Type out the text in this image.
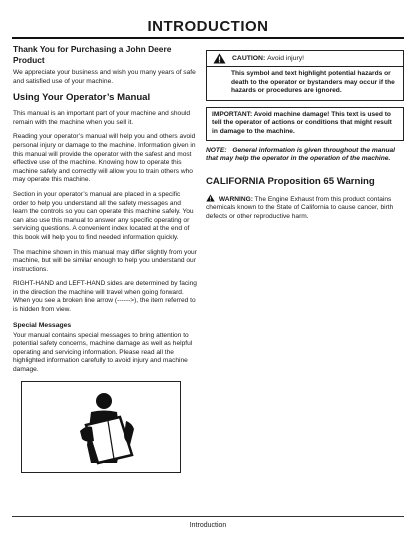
INTRODUCTION
Thank You for Purchasing a John Deere Product
We appreciate your business and wish you many years of safe and satisfied use of your machine.
Using Your Operator’s Manual
This manual is an important part of your machine and should remain with the machine when you sell it.
Reading your operator’s manual will help you and others avoid personal injury or damage to the machine. Information given in this manual will provide the operator with the safest and most effective use of the machine. Knowing how to operate this machine safely and correctly will allow you to train others who may operate this machine.
Section in your operator’s manual are placed in a specific order to help you understand all the safety messages and learn the controls so you can operate this machine safely. You can also use this manual to answer any specific operating or servicing questions. A convenient index located at the end of this book will help you to find needed information quickly.
The machine shown in this manual may differ slightly from your machine, but will be similar enough to help you understand our instructions.
RIGHT-HAND and LEFT-HAND sides are determined by facing in the direction the machine will travel when going forward. When you see a broken line arrow (------>), the item referred to is hidden from view.
Special Messages
Your manual contains special messages to bring attention to potential safety concerns, machine damage as well as helpful operating and servicing information. Please read all the highlighted information carefully to avoid injury and machine damage.
CAUTION:
Avoid injury!
This symbol and text highlight potential hazards or death to the operator or bystanders may occur if the hazards or procedures are ignored.
IMPORTANT: Avoid machine damage! This text is used to tell the operator of actions or conditions that might result in damage to the machine.
NOTE: General information is given throughout the manual that may help the operator in the operation of the machine.
CALIFORNIA Proposition 65 Warning
WARNING: The Engine Exhaust from this product contains chemicals known to the State of California to cause cancer, birth defects or other reproductive harm.
Introduction
